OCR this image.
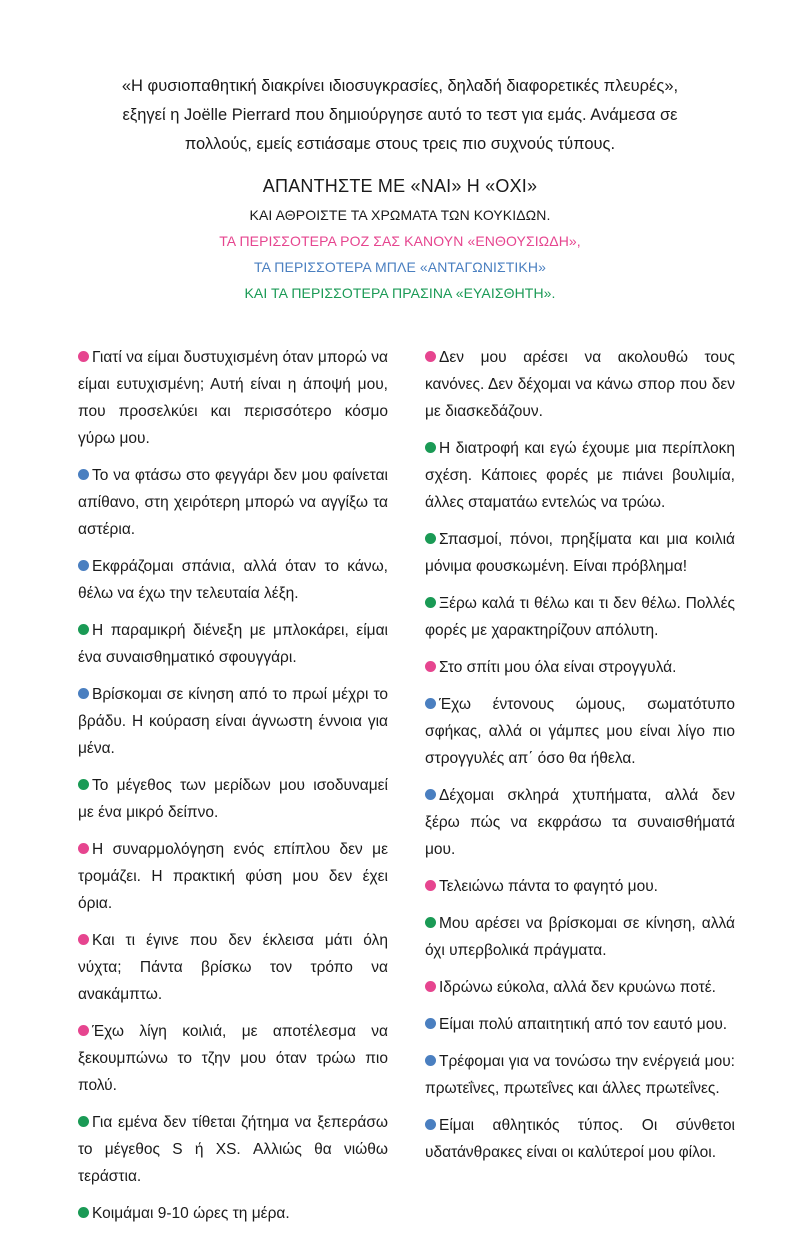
«Η φυσιοπαθητική διακρίνει ιδιοσυγκρασίες, δηλαδή διαφορετικές πλευρές»,

εξηγεί η Joëlle Pierrard που δημιούργησε αυτό το τεστ για εμάς. Ανάμεσα σε

πολλούς, εμείς εστιάσαμε στους τρεις πιο συχνούς τύπους.

ΑΠΑΝΤΗΣΤΕ ΜΕ «ΝΑΙ» Η «ΟΧΙ»

ΚΑΙ ΑΘΡΟΙΣΤΕ ΤΑ ΧΡΩΜΑΤΑ ΤΩΝ ΚΟΥΚΙΔΩΝ.

ΤΑ ΠΕΡΙΣΣΟΤΕΡΑ ΡΟΖ ΣΑΣ ΚΑΝΟΥΝ «ΕΝΘΟΥΣΙΩΔΗ»,

ΤΑ ΠΕΡΙΣΣΟΤΕΡΑ ΜΠΛΕ «ΑΝΤΑΓΩΝΙΣΤΙΚΗ»

ΚΑΙ ΤΑ ΠΕΡΙΣΣΟΤΕΡΑ ΠΡΑΣΙΝΑ «ΕΥΑΙΣΘΗΤΗ».

Γιατί να είμαι δυστυχισμένη όταν μπορώ να είμαι ευτυχισμένη; Αυτή είναι η άποψή μου, που προσελκύει και περισσότερο κόσμο γύρω μου.

Το να φτάσω στο φεγγάρι δεν μου φαίνεται απίθανο, στη χειρότερη μπορώ να αγγίξω τα αστέρια.

Εκφράζομαι σπάνια, αλλά όταν το κάνω, θέλω να έχω την τελευταία λέξη.

Η παραμικρή διένεξη με μπλοκάρει, είμαι ένα συναισθηματικό σφουγγάρι.

Βρίσκομαι σε κίνηση από το πρωί μέχρι το βράδυ. Η κούραση είναι άγνωστη έννοια για μένα.

Το μέγεθος των μερίδων μου ισοδυναμεί με ένα μικρό δείπνο.

Η συναρμολόγηση ενός επίπλου δεν με τρομάζει. Η πρακτική φύση μου δεν έχει όρια.

Και τι έγινε που δεν έκλεισα μάτι όλη νύχτα; Πάντα βρίσκω τον τρόπο να ανακάμπτω.

Έχω λίγη κοιλιά, με αποτέλεσμα να ξεκουμπώνω το τζην μου όταν τρώω πιο πολύ.

Για εμένα δεν τίθεται ζήτημα να ξεπεράσω το μέγεθος S ή XS. Αλλιώς θα νιώθω τεράστια.

Κοιμάμαι 9-10 ώρες τη μέρα.

Δεν μου αρέσει να ακολουθώ τους κανόνες. Δεν δέχομαι να κάνω σπορ που δεν με διασκεδάζουν.

Η διατροφή και εγώ έχουμε μια περίπλοκη σχέση. Κάποιες φορές με πιάνει βουλιμία, άλλες σταματάω εντελώς να τρώω.

Σπασμοί, πόνοι, πρηξίματα και μια κοιλιά μόνιμα φουσκωμένη. Είναι πρόβλημα!

Ξέρω καλά τι θέλω και τι δεν θέλω. Πολλές φορές με χαρακτηρίζουν απόλυτη.

Στο σπίτι μου όλα είναι στρογγυλά.

Έχω έντονους ώμους, σωματότυπο σφήκας, αλλά οι γάμπες μου είναι λίγο πιο στρογγυλές απ΄ όσο θα ήθελα.

Δέχομαι σκληρά χτυπήματα, αλλά δεν ξέρω πώς να εκφράσω τα συναισθήματά μου.

Τελειώνω πάντα το φαγητό μου.

Μου αρέσει να βρίσκομαι σε κίνηση, αλλά όχι υπερβολικά πράγματα.

Ιδρώνω εύκολα, αλλά δεν κρυώνω ποτέ.

Είμαι πολύ απαιτητική από τον εαυτό μου.

Τρέφομαι για να τονώσω την ενέργειά μου: πρωτεΐνες, πρωτεΐνες και άλλες πρωτεΐνες.

Είμαι αθλητικός τύπος. Οι σύνθετοι υδατάνθρακες είναι οι καλύτεροί μου φίλοι.
